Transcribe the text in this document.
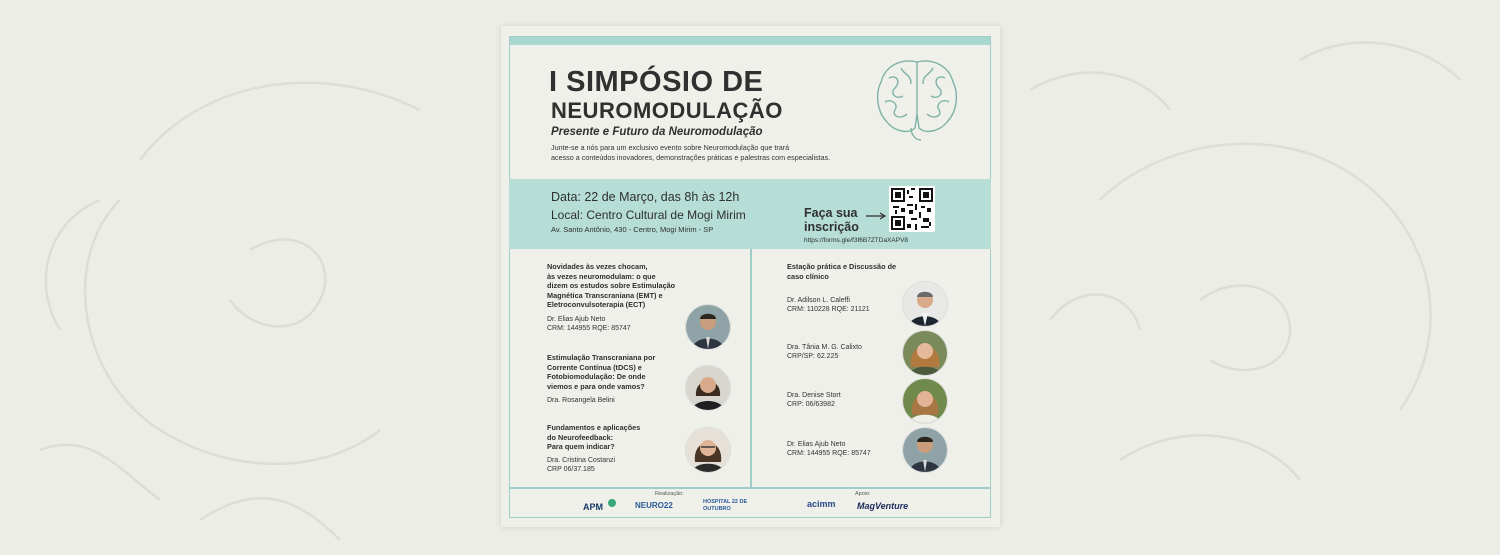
I SIMPÓSIO DE
NEUROMODULAÇÃO

Presente e Futuro da Neuromodulação

Junte-se a nós para um exclusivo evento sobre Neuromodulação que trará
acesso a conteúdos inovadores, demonstrações práticas e palestras com especialistas.
Data: 22 de Março, das 8h às 12h
Local: Centro Cultural de Mogi Mirim
Av. Santo Antônio, 430 - Centro, Mogi Mirim - SP
Faça sua
inscrição
https://forms.gle/f3f6B7ZTDaXAPV8
Novidades às vezes chocam,
às vezes neuromodulam: o que
dizem os estudos sobre Estimulação
Magnética Transcraniana (EMT) e
Eletroconvulsoterapia (ECT)
Dr. Elias Ajub Neto
CRM: 144955 RQE: 85747
Estimulação Transcraniana por
Corrente Contínua (tDCS) e
Fotobiomodulação: De onde
viemos e para onde vamos?
Dra. Rosangela Belini
Fundamentos e aplicações
do Neurofeedback:
Para quem indicar?
Dra. Cristina Costanzi
CRP 06/37.185
Estação prática e Discussão de
caso clínico
Dr. Adilson L. Caleffi
CRM: 110228 RQE: 21121
Dra. Tânia M. G. Calixto
CRP/SP: 62.225
Dra. Denise Stort
CRP: 06/63982
Dr. Elias Ajub Neto
CRM: 144955 RQE: 85747
Realização:	Apoio:
APM	NEURO22	HOSPITAL 22 DE OUTUBRO	acimm MagVenture
